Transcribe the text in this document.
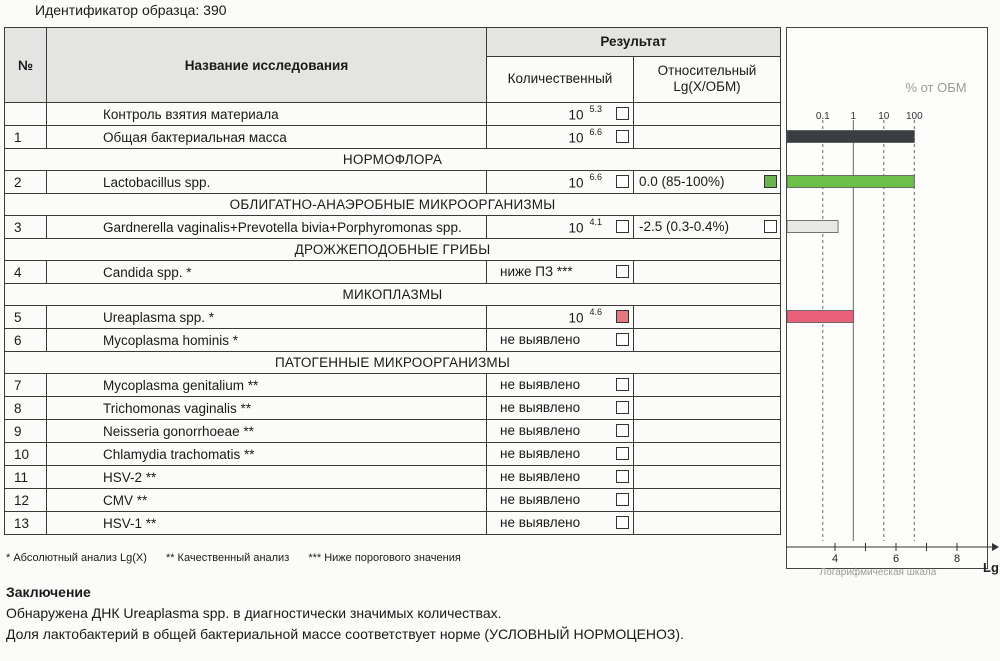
Идентификатор образца: 390
№	Название исследования	Результат	
		Количественный	Относительный Lg(X/ОБМ)
	Контроль взятия материала	10 $^{5.3}$

1	Общая бактериальная масса	10 $^{6.6}$

НОРМОФЛОРА			
2	Lactobacillus spp.	10 $^{6.6}$	0.0 (85-100%)

ОБЛИГАТНО-АНАЭРОБНЫЕ МИКРООРГАНИЗМЫ			
3	Gardnerella vaginalis+Prevotella bivia+Porphyromonas spp.	10 $^{4.1}$	-2.5 (0.3-0.4%)

ДРОЖЖЕПОДОБНЫЕ ГРИБЫ			
4	Candida spp. *	ниже ПЗ ***	

МИКОПЛАЗМЫ			
5	Ureaplasma spp. *	10 $^{4.6}$

6	Mycoplasma hominis *	не выявлено	

ПАТОГЕННЫЕ МИКРООРГАНИЗМЫ			
7	Mycoplasma genitalium **	не выявлено	

8	Trichomonas vaginalis **	не выявлено	

9	Neisseria gonorrhoeae **	не выявлено	

10	Chlamydia trachomatis **	не выявлено	

11	HSV-2 **	не выявлено	

12	CMV **	не выявлено	

13	HSV-1 **	не выявлено	

% от ОБМ
0.1 1 10 100
4	6	8
Логарифмическая шкала	Lg
* Абсолютный анализ Lg(X) ** Качественный анализ *** Ниже порогового значения
Заключение
Обнаружена ДНК Ureaplasma spp. в диагностически значимых количествах.
Доля лактобактерий в общей бактериальной массе соответствует норме (УСЛОВНЫЙ НОРМОЦЕНОЗ).
